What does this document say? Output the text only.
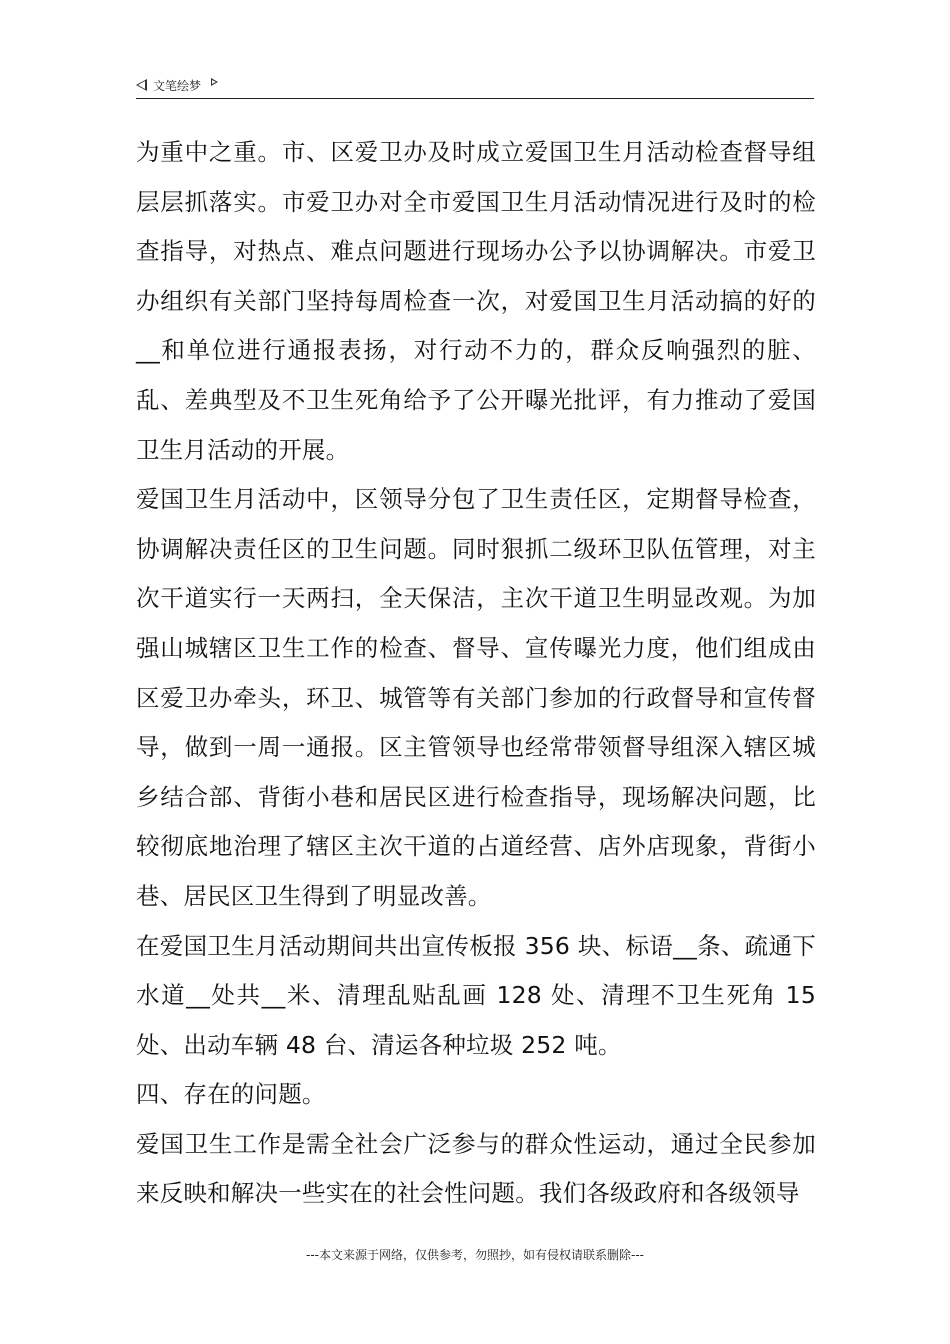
文笔绘梦

为重中之重。市、区爱卫办及时成立爱国卫生月活动检查督导组层层抓落实。市爱卫办对全市爱国卫生月活动情况进行及时的检查指导，对热点、难点问题进行现场办公予以协调解决。市爱卫办组织有关部门坚持每周检查一次，对爱国卫生月活动搞的好的__和单位进行通报表扬，对行动不力的，群众反响强烈的脏、乱、差典型及不卫生死角给予了公开曝光批评，有力推动了爱国卫生月活动的开展。

爱国卫生月活动中，区领导分包了卫生责任区，定期督导检查，协调解决责任区的卫生问题。同时狠抓二级环卫队伍管理，对主次干道实行一天两扫，全天保洁，主次干道卫生明显改观。为加强山城辖区卫生工作的检查、督导、宣传曝光力度，他们组成由区爱卫办牵头，环卫、城管等有关部门参加的行政督导和宣传督导，做到一周一通报。区主管领导也经常带领督导组深入辖区城乡结合部、背街小巷和居民区进行检查指导，现场解决问题，比较彻底地治理了辖区主次干道的占道经营、店外店现象，背街小巷、居民区卫生得到了明显改善。

在爱国卫生月活动期间共出宣传板报 356 块、标语__条、疏通下水道__处共__米、清理乱贴乱画 128 处、清理不卫生死角 15 处、出动车辆 48 台、清运各种垃圾 252 吨。

四、存在的问题。

爱国卫生工作是需全社会广泛参与的群众性运动，通过全民参加来反映和解决一些实在的社会性问题。我们各级政府和各级领导

---本文来源于网络，仅供参考，勿照抄，如有侵权请联系删除---
